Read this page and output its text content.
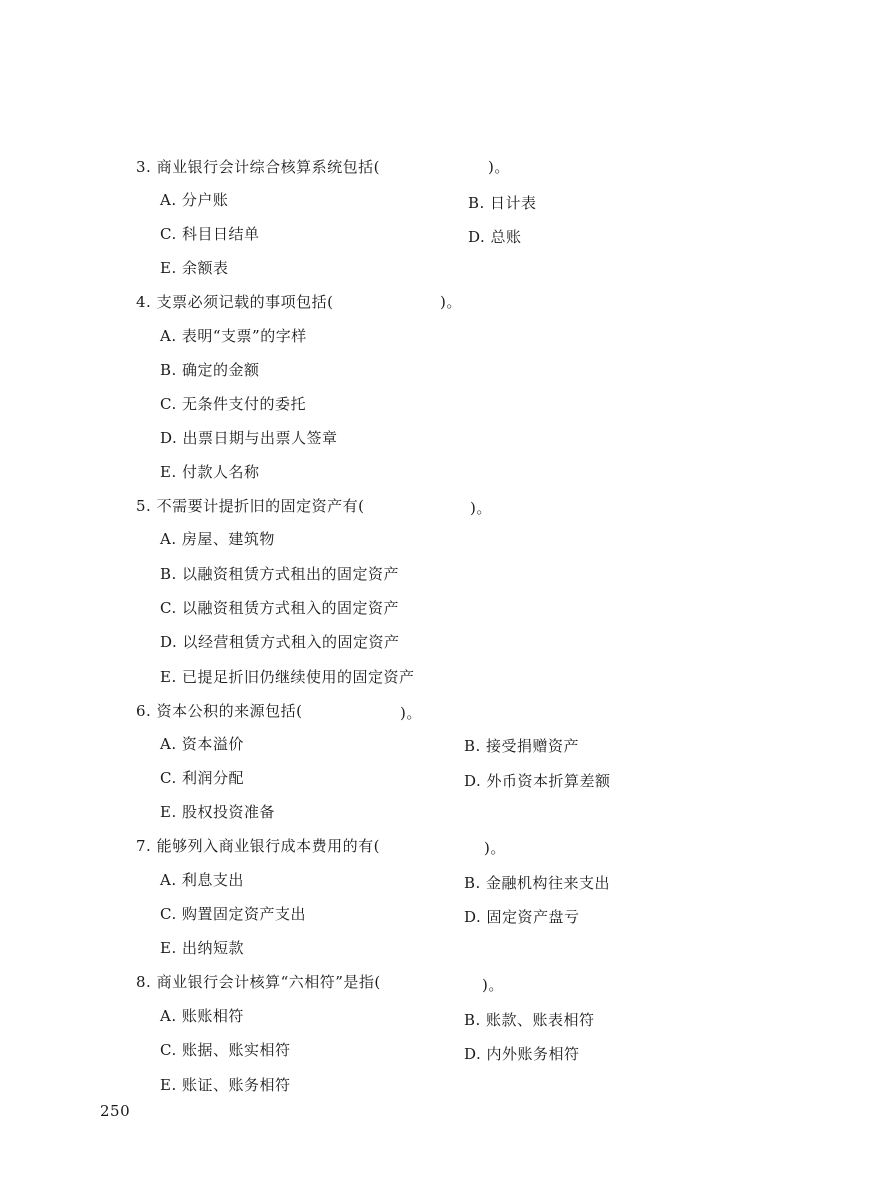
3. 商业银行会计综合核算系统包括(	)。
A. 分户账	B. 日计表
C. 科目日结单	D. 总账
E. 余额表
4. 支票必须记载的事项包括(	)。
A. 表明“支票”的字样
B. 确定的金额
C. 无条件支付的委托
D. 出票日期与出票人签章
E. 付款人名称
5. 不需要计提折旧的固定资产有(	)。
A. 房屋、建筑物
B. 以融资租赁方式租出的固定资产
C. 以融资租赁方式租入的固定资产
D. 以经营租赁方式租入的固定资产
E. 已提足折旧仍继续使用的固定资产
6. 资本公积的来源包括(	)。
A. 资本溢价	B. 接受捐赠资产
C. 利润分配	D. 外币资本折算差额
E. 股权投资准备
7. 能够列入商业银行成本费用的有(	)。
A. 利息支出	B. 金融机构往来支出
C. 购置固定资产支出	D. 固定资产盘亏
E. 出纳短款
8. 商业银行会计核算“六相符”是指(	)。
A. 账账相符	B. 账款、账表相符
C. 账据、账实相符	D. 内外账务相符
E. 账证、账务相符
250
